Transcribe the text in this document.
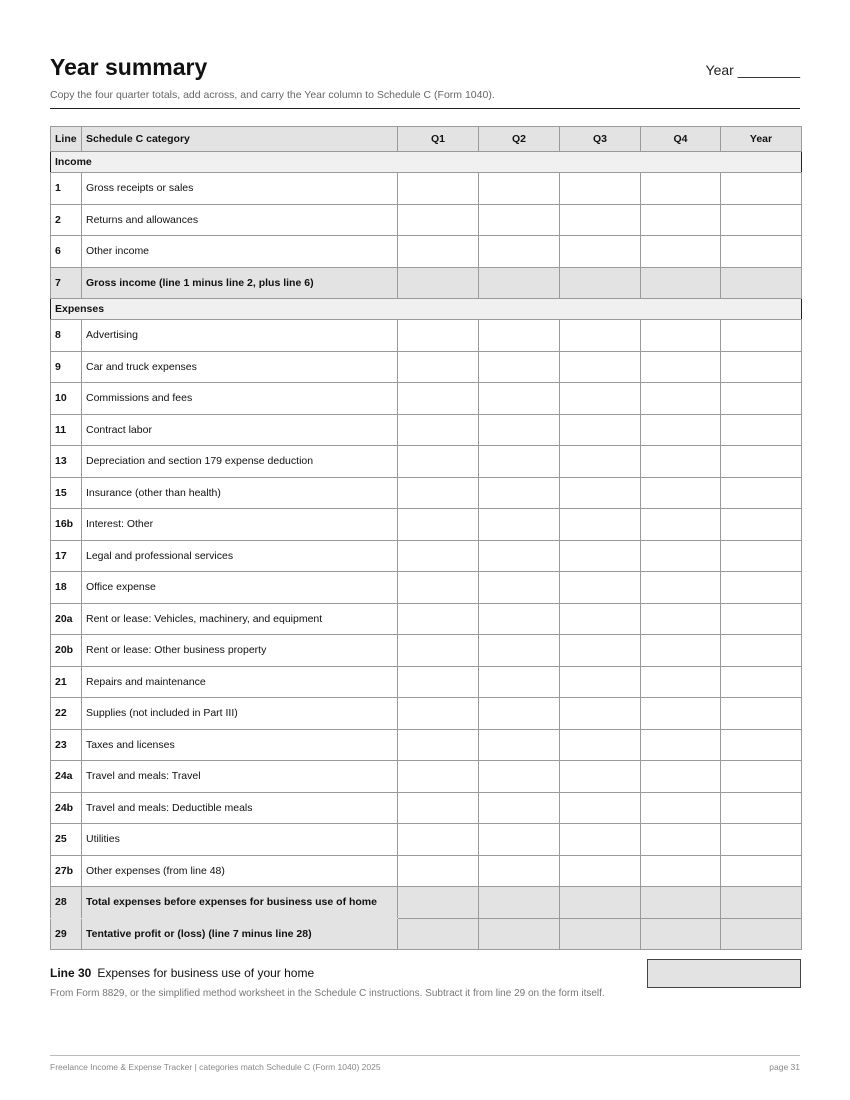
Year summary	Year ________
Copy the four quarter totals, add across, and carry the Year column to Schedule C (Form 1040).
Line	Schedule C category	Q1	Q2	Q3	Q4	Year
Income						
1	Gross receipts or sales					
2	Returns and allowances					
6	Other income					
7	Gross income (line 1 minus line 2, plus line 6)					
Expenses						
8	Advertising					
9	Car and truck expenses					
10	Commissions and fees					
11	Contract labor					
13	Depreciation and section 179 expense deduction					
15	Insurance (other than health)					
16b	Interest: Other					
17	Legal and professional services					
18	Office expense					
20a	Rent or lease: Vehicles, machinery, and equipment					
20b	Rent or lease: Other business property					
21	Repairs and maintenance					
22	Supplies (not included in Part III)					
23	Taxes and licenses					
24a	Travel and meals: Travel					
24b	Travel and meals: Deductible meals					
25	Utilities					
27b	Other expenses (from line 48)					
28	Total expenses before expenses for business use of home					
29	Tentative profit or (loss) (line 7 minus line 28)					
Line 30 Expenses for business use of your home
From Form 8829, or the simplified method worksheet in the Schedule C instructions. Subtract it from line 29 on the form itself.
Freelance Income & Expense Tracker | categories match Schedule C (Form 1040) 2025	page 31
